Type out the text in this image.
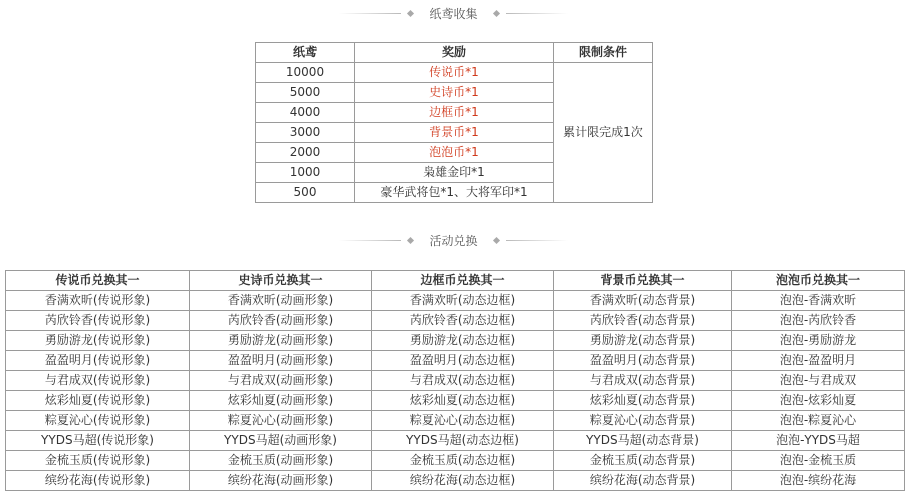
纸鸢收集
纸鸢	奖励	限制条件
10000	传说币*1	累计限完成1次
5000	史诗币*1	
4000	边框币*1	
3000	背景币*1	
2000	泡泡币*1	
1000	枭雄金印*1	
500	豪华武将包*1、大将军印*1	
活动兑换
传说币兑换其一	史诗币兑换其一	边框币兑换其一	背景币兑换其一	泡泡币兑换其一
香满欢昕(传说形象)	香满欢昕(动画形象)	香满欢昕(动态边框)	香满欢昕(动态背景)	泡泡-香满欢昕
芮欣铃香(传说形象)	芮欣铃香(动画形象)	芮欣铃香(动态边框)	芮欣铃香(动态背景)	泡泡-芮欣铃香
勇励游龙(传说形象)	勇励游龙(动画形象)	勇励游龙(动态边框)	勇励游龙(动态背景)	泡泡-勇励游龙
盈盈明月(传说形象)	盈盈明月(动画形象)	盈盈明月(动态边框)	盈盈明月(动态背景)	泡泡-盈盈明月
与君成双(传说形象)	与君成双(动画形象)	与君成双(动态边框)	与君成双(动态背景)	泡泡-与君成双
炫彩灿夏(传说形象)	炫彩灿夏(动画形象)	炫彩灿夏(动态边框)	炫彩灿夏(动态背景)	泡泡-炫彩灿夏
粽夏沁心(传说形象)	粽夏沁心(动画形象)	粽夏沁心(动态边框)	粽夏沁心(动态背景)	泡泡-粽夏沁心
YYDS马超(传说形象)	YYDS马超(动画形象)	YYDS马超(动态边框)	YYDS马超(动态背景)	泡泡-YYDS马超
金梳玉质(传说形象)	金梳玉质(动画形象)	金梳玉质(动态边框)	金梳玉质(动态背景)	泡泡-金梳玉质
缤纷花海(传说形象)	缤纷花海(动画形象)	缤纷花海(动态边框)	缤纷花海(动态背景)	泡泡-缤纷花海
